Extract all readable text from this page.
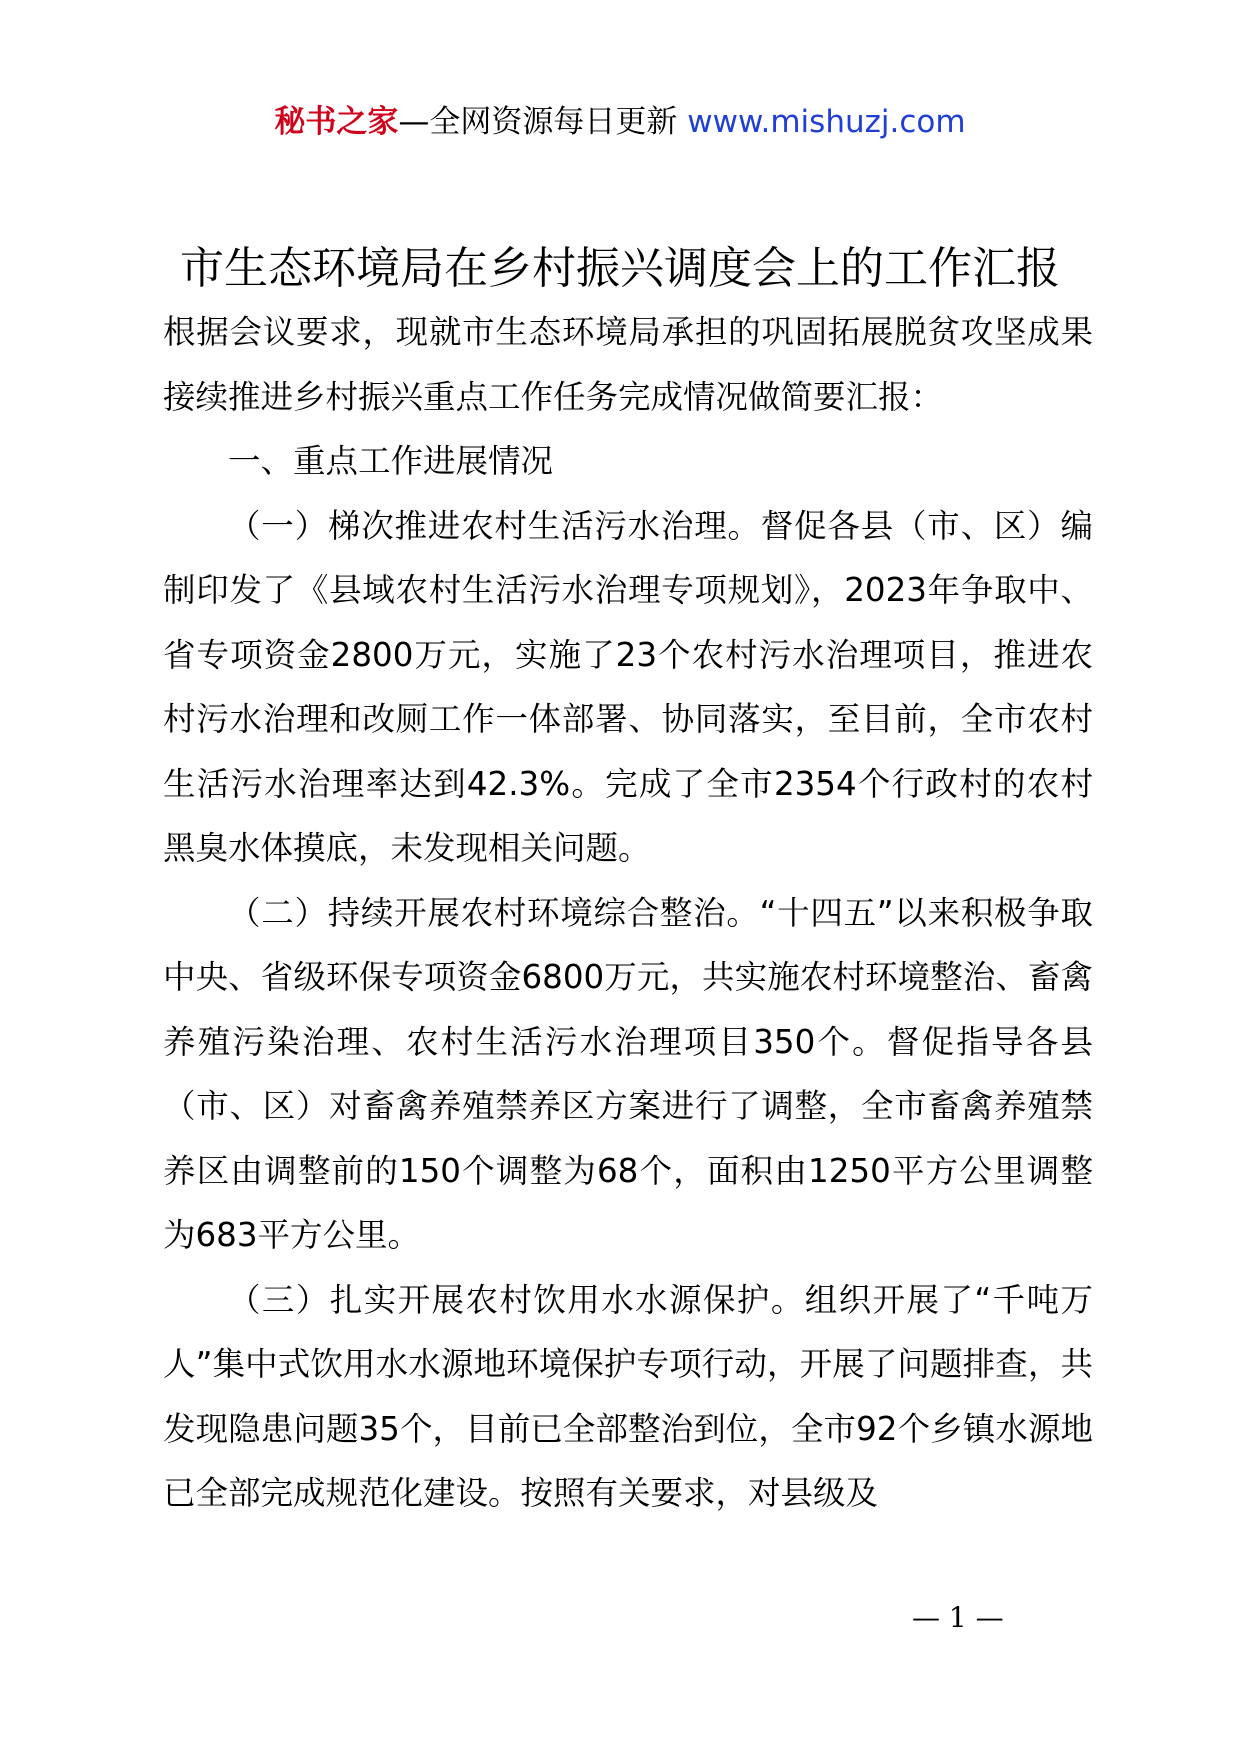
秘书之家—全网资源每日更新 www.mishuzj.com
市生态环境局在乡村振兴调度会上的工作汇报

根据会议要求，现就市生态环境局承担的巩固拓展脱贫攻坚成果接续推进乡村振兴重点工作任务完成情况做简要汇报：

一、重点工作进展情况

（一）梯次推进农村生活污水治理。督促各县（市、区）编制印发了《县域农村生活污水治理专项规划》，2023年争取中、省专项资金2800万元，实施了23个农村污水治理项目，推进农村污水治理和改厕工作一体部署、协同落实，至目前，全市农村生活污水治理率达到42.3%。完成了全市2354个行政村的农村黑臭水体摸底，未发现相关问题。

（二）持续开展农村环境综合整治。“十四五”以来积极争取中央、省级环保专项资金6800万元，共实施农村环境整治、畜禽养殖污染治理、农村生活污水治理项目350个。督促指导各县（市、区）对畜禽养殖禁养区方案进行了调整，全市畜禽养殖禁养区由调整前的150个调整为68个，面积由1250平方公里调整为683平方公里。

（三）扎实开展农村饮用水水源保护。组织开展了“千吨万人”集中式饮用水水源地环境保护专项行动，开展了问题排查，共发现隐患问题35个，目前已全部整治到位，全市92个乡镇水源地已全部完成规范化建设。按照有关要求，对县级及

— 1 —
